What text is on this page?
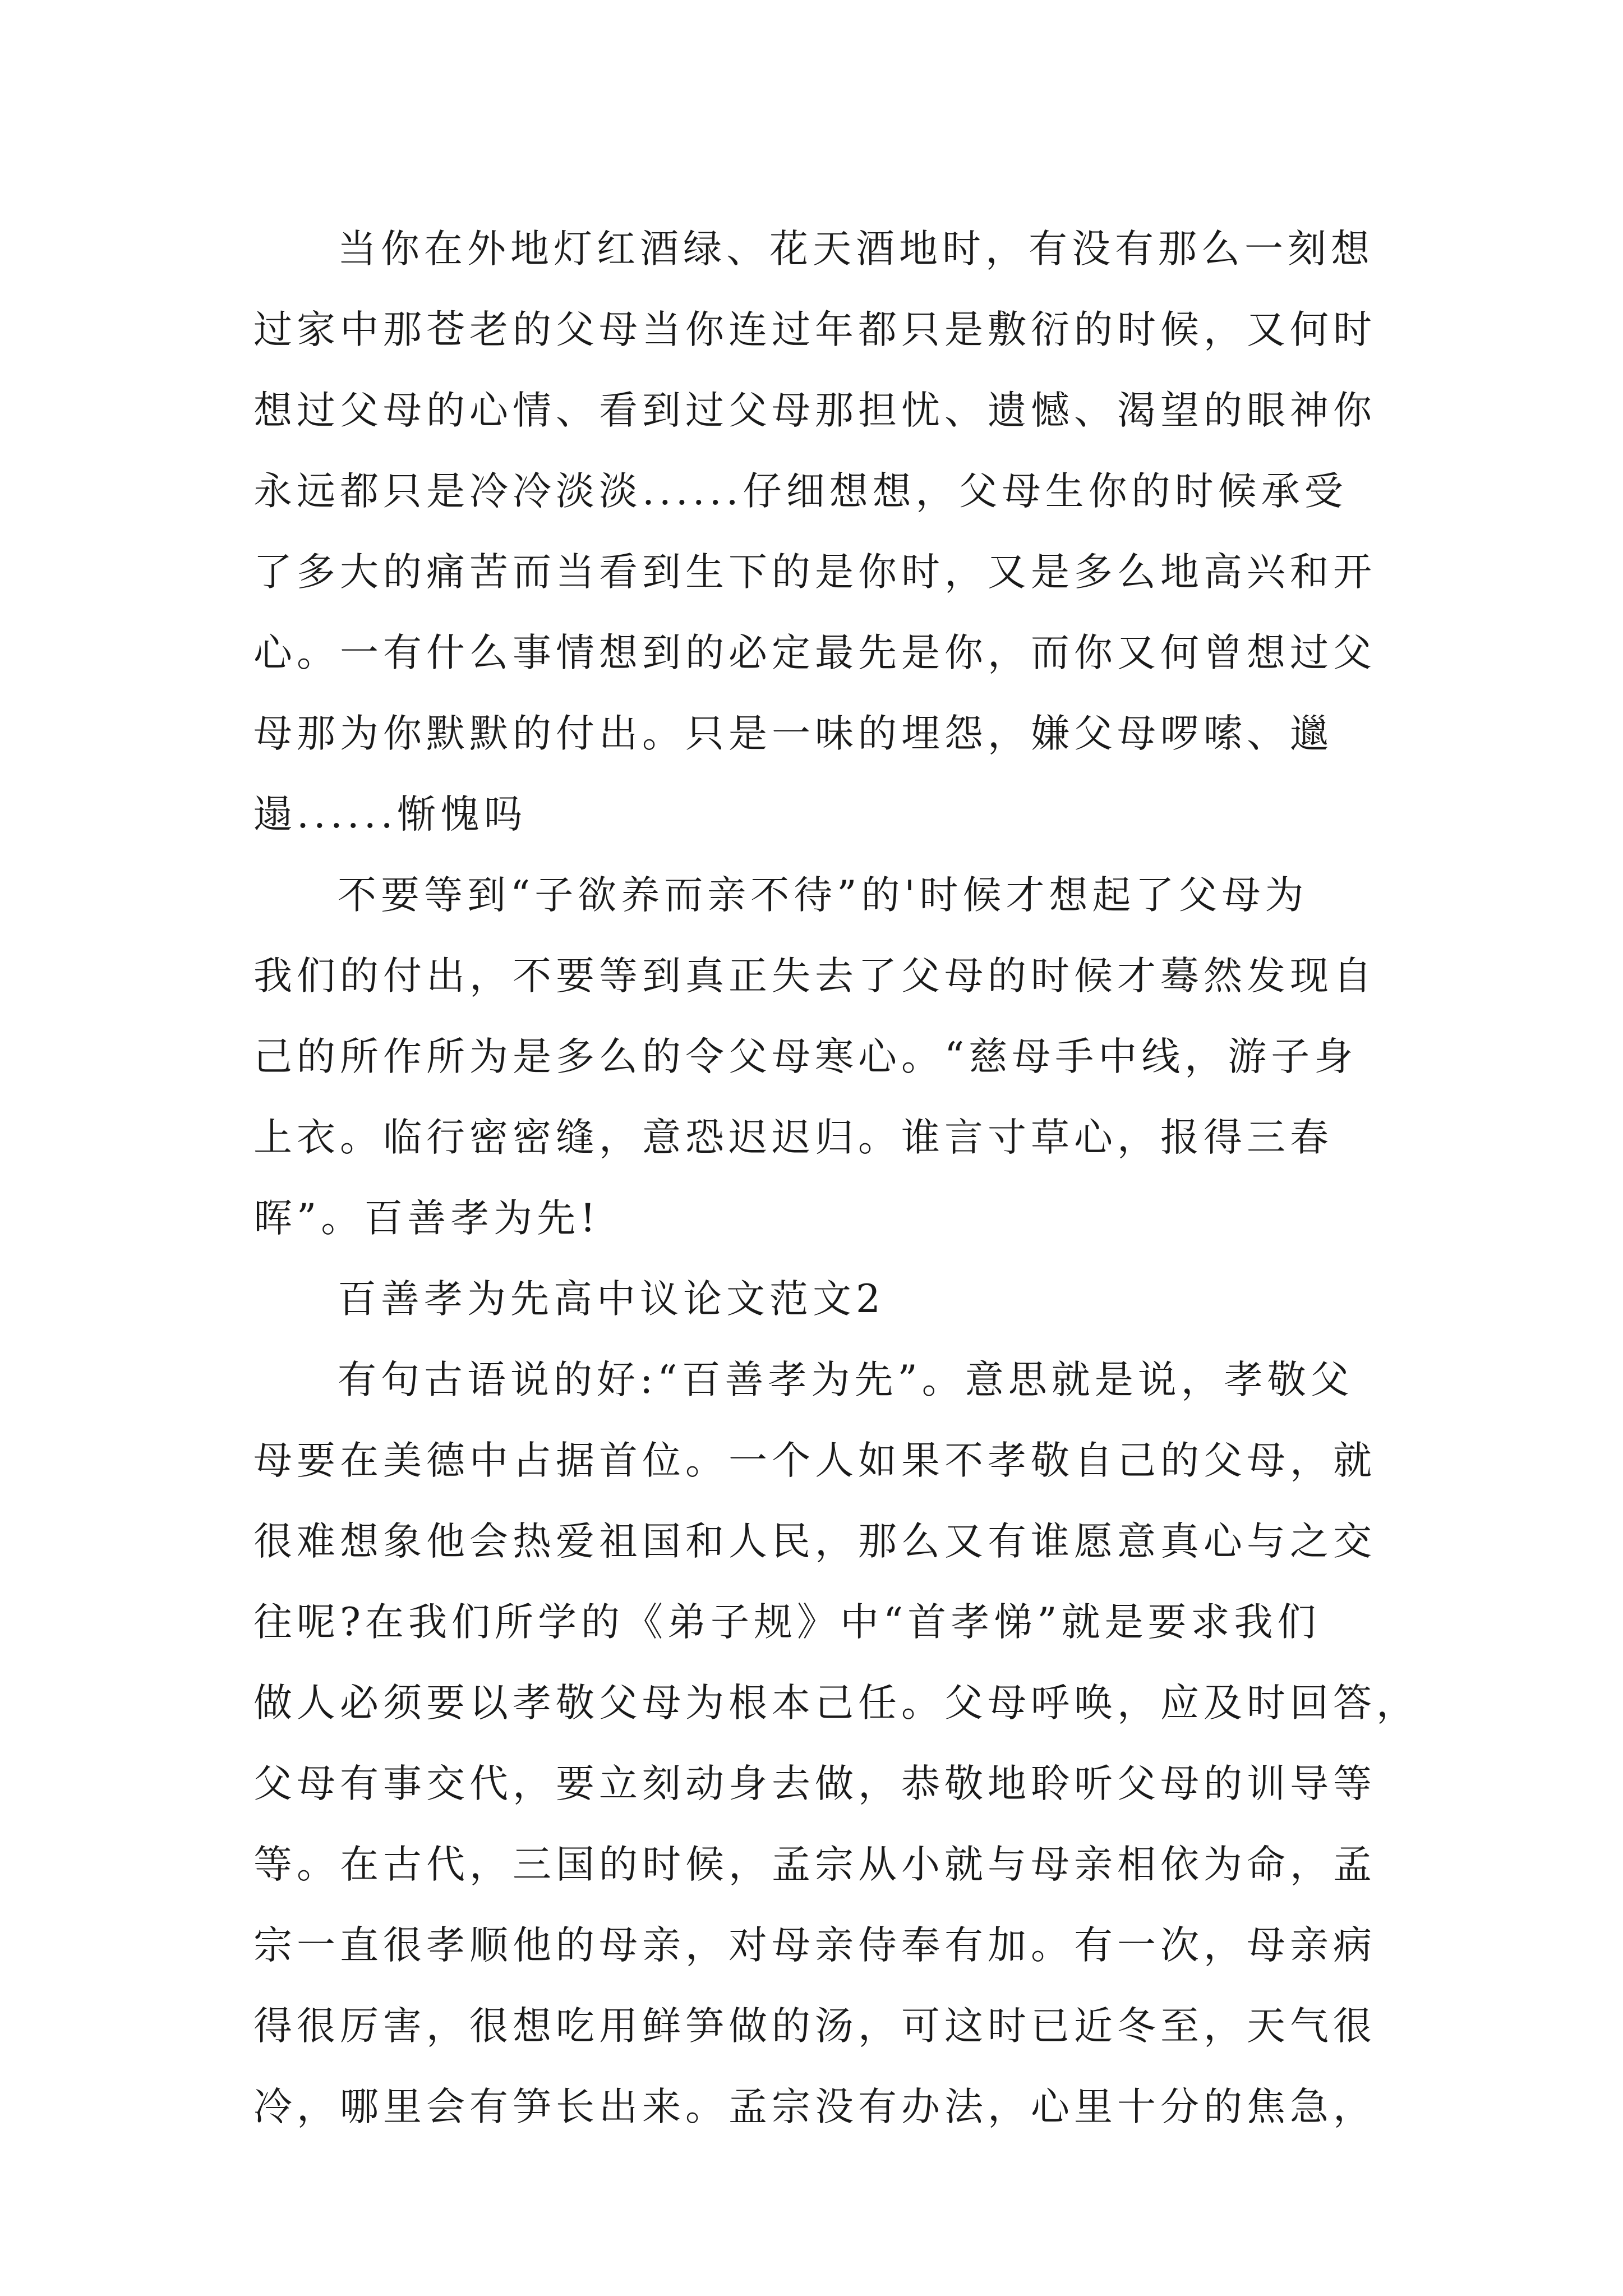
当你在外地灯红酒绿、花天酒地时，有没有那么一刻想
过家中那苍老的父母当你连过年都只是敷衍的时候，又何时
想过父母的心情、看到过父母那担忧、遗憾、渴望的眼神你
永远都只是冷冷淡淡......仔细想想，父母生你的时候承受
了多大的痛苦而当看到生下的是你时，又是多么地高兴和开
心。一有什么事情想到的必定最先是你，而你又何曾想过父
母那为你默默的付出。只是一味的埋怨，嫌父母啰嗦、邋
遢......惭愧吗
不要等到“子欲养而亲不待”的'时候才想起了父母为
我们的付出，不要等到真正失去了父母的时候才蓦然发现自
己的所作所为是多么的令父母寒心。“慈母手中线，游子身
上衣。临行密密缝，意恐迟迟归。谁言寸草心，报得三春
晖”。百善孝为先!
百善孝为先高中议论文范文2
有句古语说的好:“百善孝为先”。意思就是说，孝敬父
母要在美德中占据首位。一个人如果不孝敬自己的父母，就
很难想象他会热爱祖国和人民，那么又有谁愿意真心与之交
往呢?在我们所学的《弟子规》中“首孝悌”就是要求我们
做人必须要以孝敬父母为根本己任。父母呼唤，应及时回答，
父母有事交代，要立刻动身去做，恭敬地聆听父母的训导等
等。在古代，三国的时候，孟宗从小就与母亲相依为命，孟
宗一直很孝顺他的母亲，对母亲侍奉有加。有一次，母亲病
得很厉害，很想吃用鲜笋做的汤，可这时已近冬至，天气很
冷，哪里会有笋长出来。孟宗没有办法，心里十分的焦急，
